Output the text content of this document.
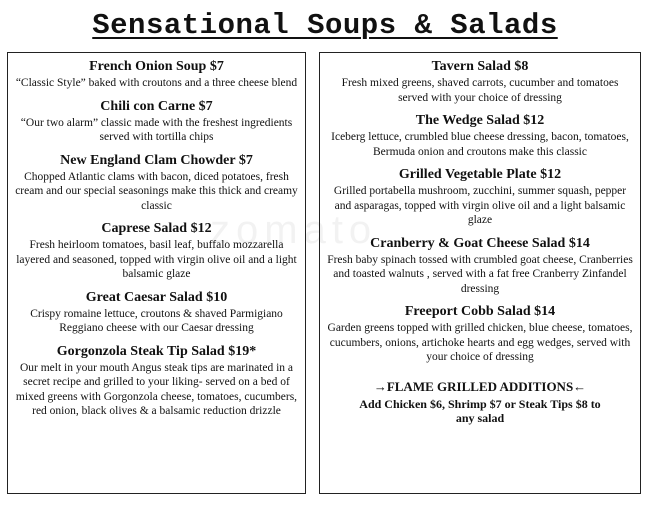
Sensational Soups & Salads
zomato
French Onion Soup $7
“Classic Style” baked with croutons and a three cheese blend
Chili con Carne $7
“Our two alarm” classic made with the freshest ingredients served with tortilla chips
New England Clam Chowder $7
Chopped Atlantic clams with bacon, diced potatoes, fresh cream and our special seasonings make this thick and creamy classic
Caprese Salad $12
Fresh heirloom tomatoes, basil leaf, buffalo mozzarella layered and seasoned, topped with virgin olive oil and a light balsamic glaze
Great Caesar Salad $10
Crispy romaine lettuce, croutons & shaved Parmigiano Reggiano cheese with our Caesar dressing
Gorgonzola Steak Tip Salad $19*
Our melt in your mouth Angus steak tips are marinated in a secret recipe and grilled to your liking- served on a bed of mixed greens with Gorgonzola cheese, tomatoes, cucumbers, red onion, black olives & a balsamic reduction drizzle
Tavern Salad $8
Fresh mixed greens, shaved carrots, cucumber and tomatoes served with your choice of dressing
The Wedge Salad $12
Iceberg lettuce, crumbled blue cheese dressing, bacon, tomatoes, Bermuda onion and croutons make this classic
Grilled Vegetable Plate $12
Grilled portabella mushroom, zucchini, summer squash, pepper and asparagas, topped with virgin olive oil and a light balsamic glaze
Cranberry & Goat Cheese Salad $14
Fresh baby spinach tossed with crumbled goat cheese, Cranberries and toasted walnuts , served with a fat free Cranberry Zinfandel dressing
Freeport Cobb Salad $14
Garden greens topped with grilled chicken, blue cheese, tomatoes, cucumbers, onions, artichoke hearts and egg wedges, served with your choice of dressing
→FLAME GRILLED ADDITIONS←
Add Chicken $6, Shrimp $7 or Steak Tips $8 to any salad
